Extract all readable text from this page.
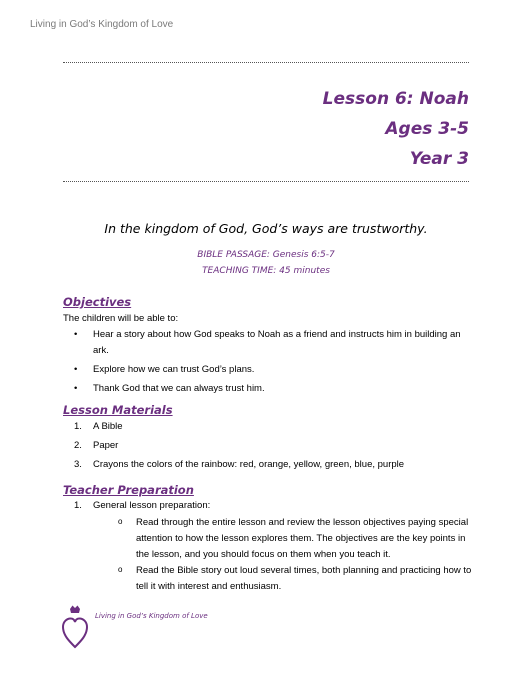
Living in God’s Kingdom of Love
Lesson 6: Noah
Ages 3-5
Year 3
In the kingdom of God, God’s ways are trustworthy.
BIBLE PASSAGE: Genesis 6:5-7
TEACHING TIME: 45 minutes
Objectives
The children will be able to:
• Hear a story about how God speaks to Noah as a friend and instructs him in building an ark.
• Explore how we can trust God’s plans.
• Thank God that we can always trust him.
Lesson Materials
1. A Bible
2. Paper
3. Crayons the colors of the rainbow: red, orange, yellow, green, blue, purple
Teacher Preparation
1. General lesson preparation:
o Read through the entire lesson and review the lesson objectives paying special attention to how the lesson explores them. The objectives are the key points in the lesson, and you should focus on them when you teach it.
o Read the Bible story out loud several times, both planning and practicing how to tell it with interest and enthusiasm.
Living in God’s Kingdom of Love
